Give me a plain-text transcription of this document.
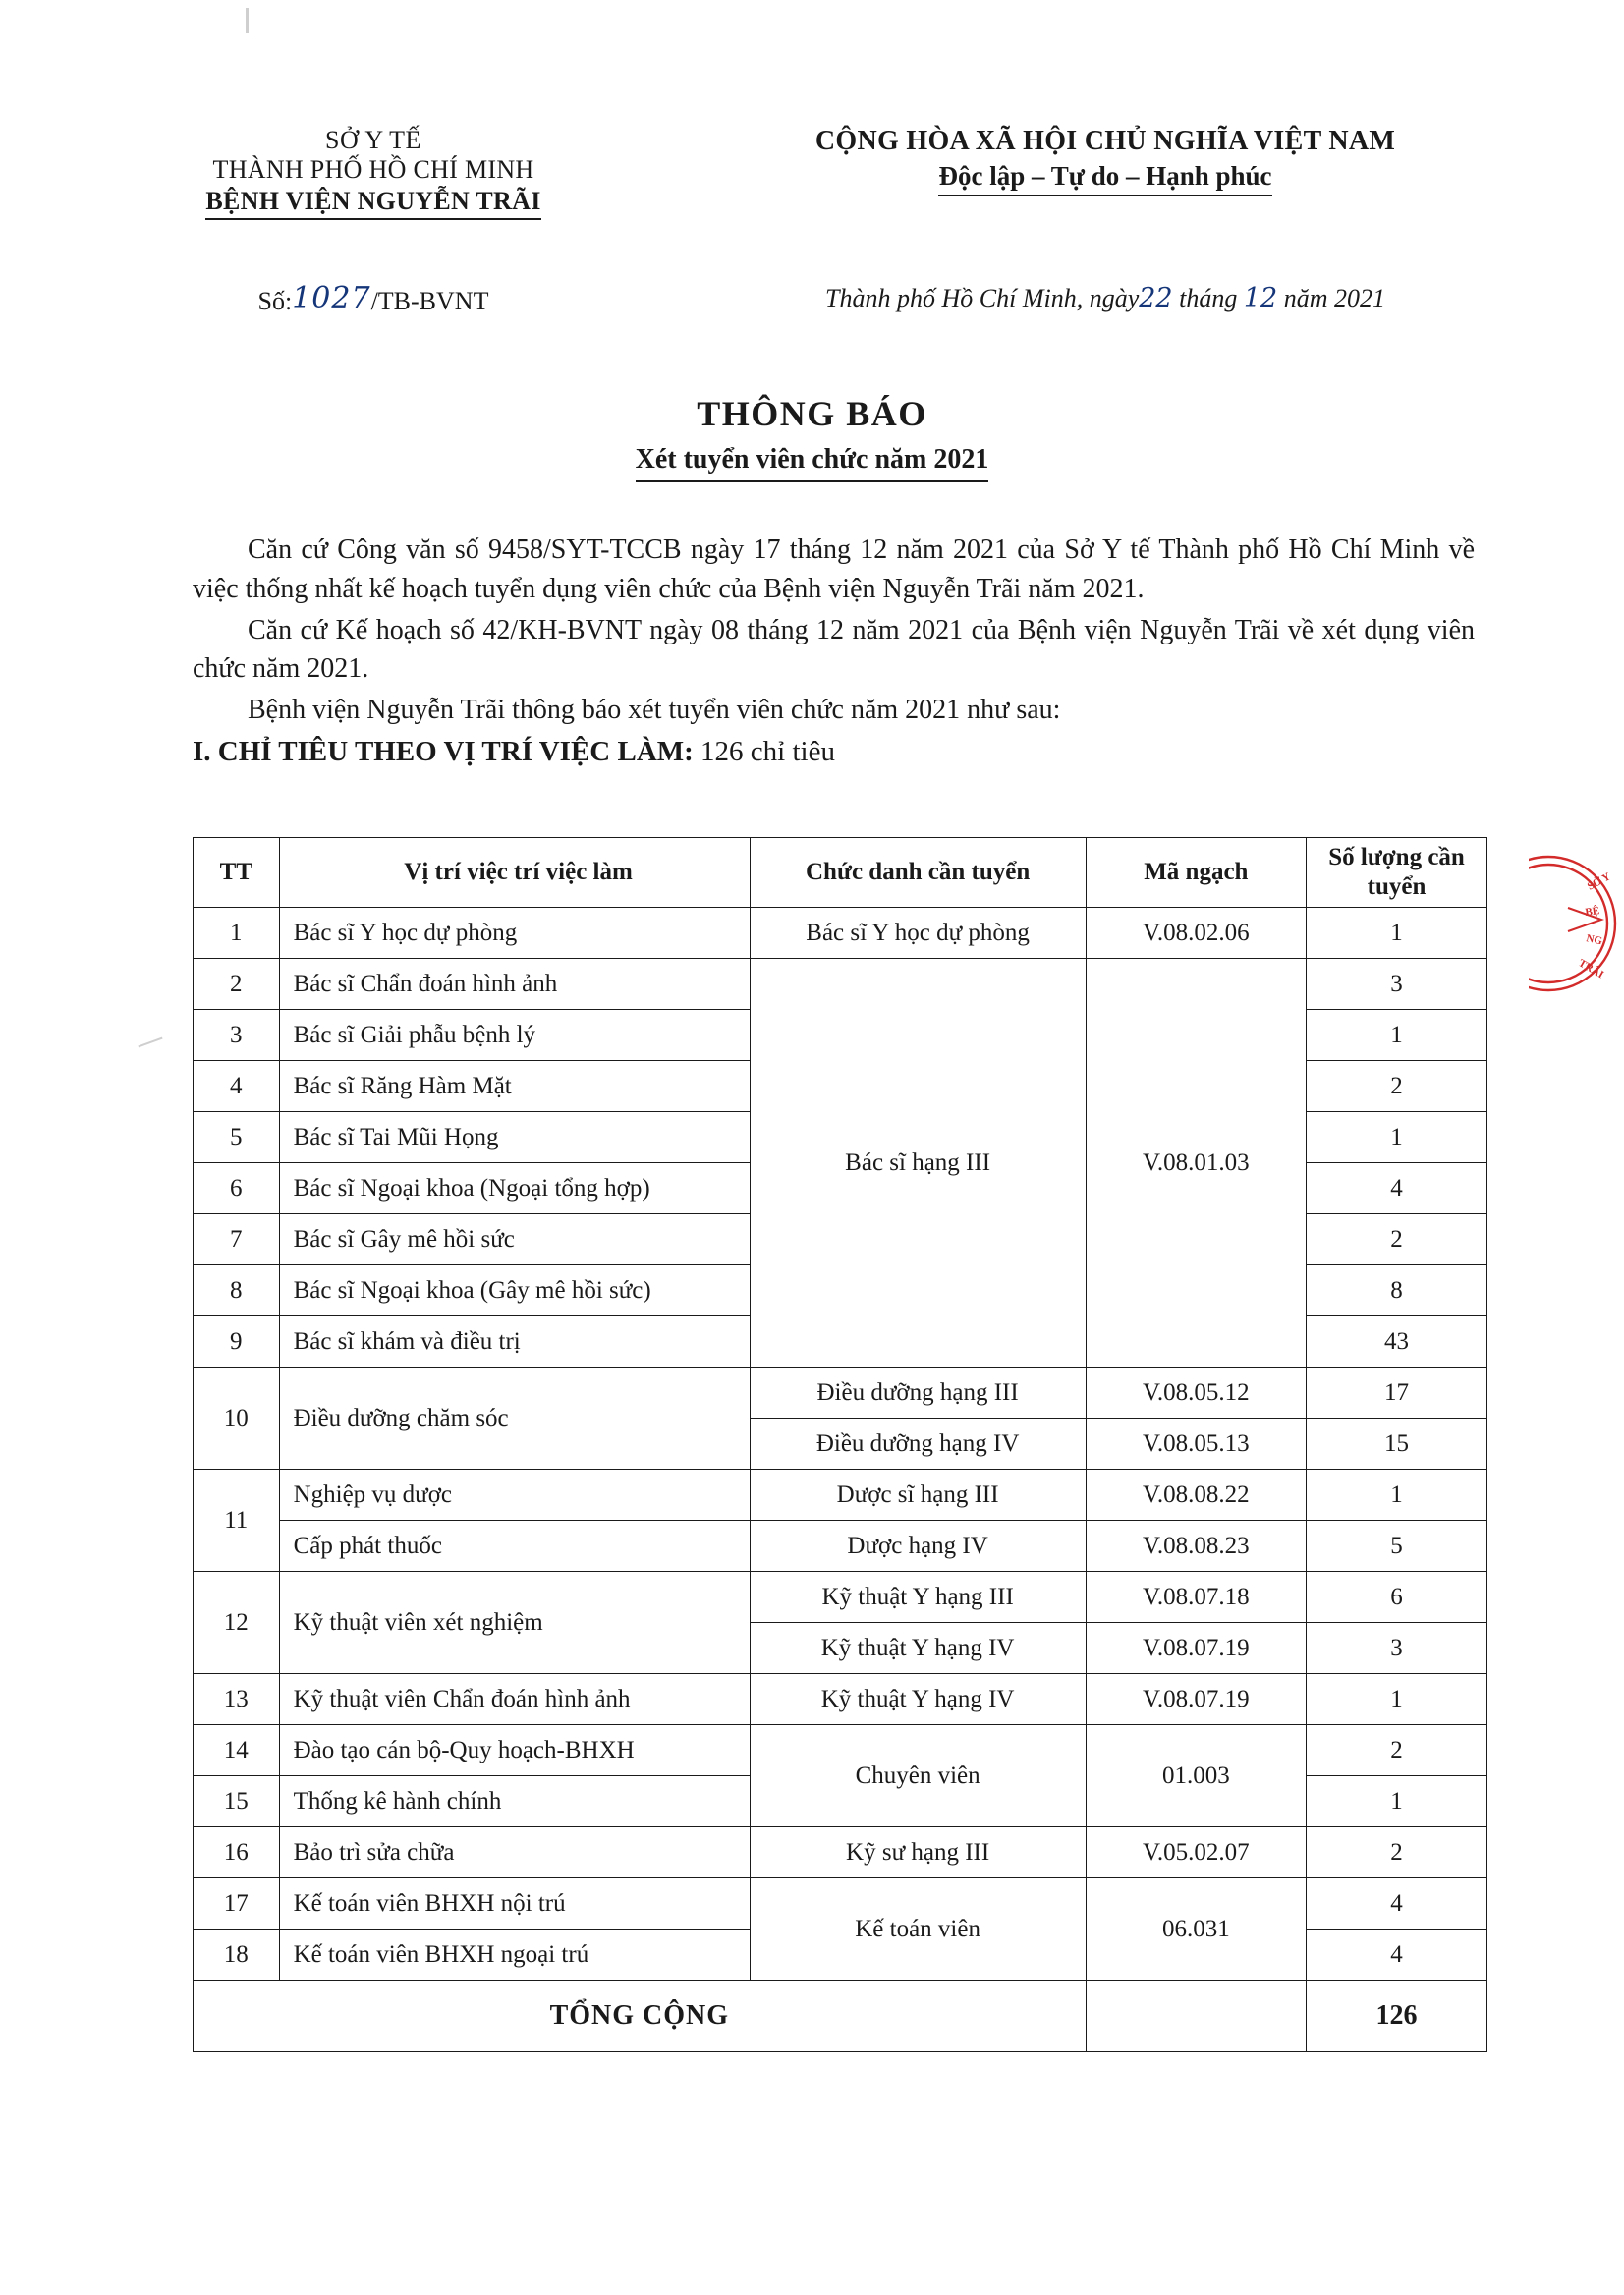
SỞ Y TẾ
THÀNH PHỐ HỒ CHÍ MINH
BỆNH VIỆN NGUYỄN TRÃI
CỘNG HÒA XÃ HỘI CHỦ NGHĨA VIỆT NAM
Độc lập – Tự do – Hạnh phúc
Số:1027/TB-BVNT	Thành phố Hồ Chí Minh, ngày22 tháng 12 năm 2021
THÔNG BÁO
Xét tuyển viên chức năm 2021

Căn cứ Công văn số 9458/SYT-TCCB ngày 17 tháng 12 năm 2021 của Sở Y tế Thành phố Hồ Chí Minh về việc thống nhất kế hoạch tuyển dụng viên chức của Bệnh viện Nguyễn Trãi năm 2021.

Căn cứ Kế hoạch số 42/KH-BVNT ngày 08 tháng 12 năm 2021 của Bệnh viện Nguyễn Trãi về xét dụng viên chức năm 2021.

Bệnh viện Nguyễn Trãi thông báo xét tuyển viên chức năm 2021 như sau:

I. CHỈ TIÊU THEO VỊ TRÍ VIỆC LÀM: 126 chỉ tiêu

TT	Vị trí việc trí việc làm	Chức danh cần tuyển	Mã ngạch	Số lượng cần tuyển
1	Bác sĩ Y học dự phòng	Bác sĩ Y học dự phòng	V.08.02.06	1
2	Bác sĩ Chẩn đoán hình ảnh	Bác sĩ hạng III	V.08.01.03	3
3	Bác sĩ Giải phẫu bệnh lý			1
4	Bác sĩ Răng Hàm Mặt			2
5	Bác sĩ Tai Mũi Họng			1
6	Bác sĩ Ngoại khoa (Ngoại tổng hợp)			4
7	Bác sĩ Gây mê hồi sức			2
8	Bác sĩ Ngoại khoa (Gây mê hồi sức)			8
9	Bác sĩ khám và điều trị			43
10	Điều dưỡng chăm sóc	Điều dưỡng hạng III	V.08.05.12	17
		Điều dưỡng hạng IV	V.08.05.13	15
11	Nghiệp vụ dược	Dược sĩ hạng III	V.08.08.22	1
	Cấp phát thuốc	Dược hạng IV	V.08.08.23	5
12	Kỹ thuật viên xét nghiệm	Kỹ thuật Y hạng III	V.08.07.18	6
		Kỹ thuật Y hạng IV	V.08.07.19	3
13	Kỹ thuật viên Chẩn đoán hình ảnh	Kỹ thuật Y hạng IV	V.08.07.19	1
14	Đào tạo cán bộ-Quy hoạch-BHXH	Chuyên viên	01.003	2
15	Thống kê hành chính			1
16	Bảo trì sửa chữa	Kỹ sư hạng III	V.05.02.07	2
17	Kế toán viên BHXH nội trú	Kế toán viên	06.031	4
18	Kế toán viên BHXH ngoại trú			4
TỔNG CỘNG				126
SỞ Y
BỆ
NG
TRÃI
